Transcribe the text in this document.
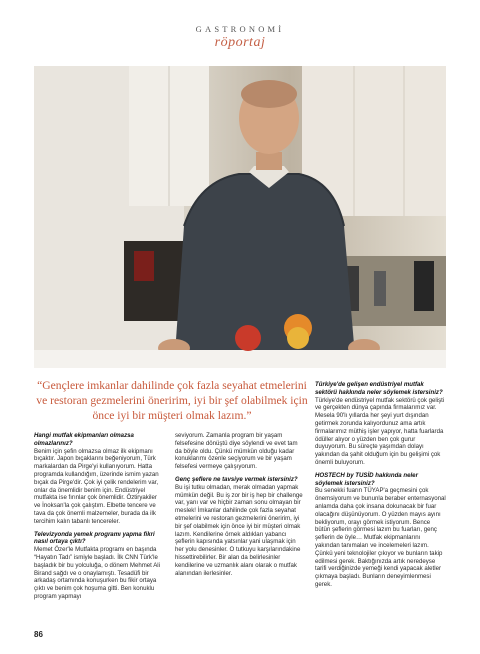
GASTRONOMİ
röportaj
“Gençlere imkanlar dahilinde çok fazla seyahat etmelerini ve restoran gezmelerini öneririm, iyi bir şef olabilmek için önce iyi bir müşteri olmak lazım.”

Hangi mutfak ekipmanları olmazsa olmazlarınız?
Benim için şefin olmazsa olmaz ilk ekipmanı bıçaktır. Japon bıçaklarını beğeniyorum, Türk markalardan da Pirge'yi kullanıyorum. Hatta programda kullandığım, üzerinde ismim yazan bıçak da Pirge'dir. Çok iyi çelik rendelerim var, onlar da önemlidir benim için. Endüstriyel mutfakta ise fırınlar çok önemlidir. Öztiryakiler ve İnoksan'la çok çalıştım. Elbette tencere ve tava da çok önemli malzemeler, burada da ilk tercihim kalın tabanlı tencereler.

Televizyonda yemek programı yapma fikri nasıl ortaya çıktı?
Memet Özer'le Mutfakta programı en başında “Hayatın Tadı” ismiyle başladı. İlk CNN Türk'le başladık bir bu yolculuğa, o dönem Mehmet Ali Birand sağdı ve o onaylamıştı. Tesadüfi bir arkadaş ortamında konuşurken bu fikir ortaya çıktı ve benim çok hoşuma gitti. Ben konuklu program yapmayı

seviyorum. Zamanla program bir yaşam felsefesine dönüştü diye söylendi ve evet tam da böyle oldu. Çünkü mümkün olduğu kadar konuklarımı özenle seçiyorum ve bir yaşam felsefesi vermeye çalışıyorum.

Genç şeflere ne tavsiye vermek istersiniz?
Bu işi tutku olmadan, merak olmadan yapmak mümkün değil. Bu iş zor bir iş hep bir challenge var, yanı var ve hiçbir zaman sonu olmayan bir meslek! İmkanlar dahilinde çok fazla seyahat etmelerini ve restoran gezmelerini öneririm, iyi bir şef olabilmek için önce iyi bir müşteri olmak lazım. Kendilerine örnek aldıkları yabancı şeflerin kapısında yatsınlar yani ulaşmak için her yolu denesinler. O tutkuyu karşılarındakine hissettirebilirler. Bir alan da belirlesinler kendilerine ve uzmanlık alanı olarak o mutfak alanından ilerlesinler.

Türkiye'de gelişen endüstriyel mutfak sektörü hakkında neler söylemek istersiniz?
Türkiye'de endüstriyel mutfak sektörü çok gelişti ve gerçekten dünya çapında firmalarımız var. Mesela 90'lı yıllarda her şeyi yurt dışından getirmek zorunda kalıyordunuz ama artık firmalarımız müthiş işler yapıyor, hatta fuarlarda ödüller alıyor o yüzden ben çok gurur duyuyorum. Bu süreçte yaşımdan dolayı yakından da şahit olduğum için bu gelişimi çok önemli buluyorum.

HOSTECH by TUSİD hakkında neler söylemek istersiniz?
Bu senekki fuarın TÜYAP'a geçmesini çok önemsiyorum ve bununla beraber enternasyonal anlamda daha çok insana dokunacak bir fuar olacağını düşünüyorum. O yüzden mayıs ayını bekliyorum, orayı görmek istiyorum. Bence bütün şeflerin görmesi lazım bu fuarları, genç şeflerin de öyle… Mutfak ekipmanlarını yakından tanımaları ve incelemeleri lazım. Çünkü yeni teknolojiler çıkıyor ve bunların takip edilmesi gerek. Baktığınızda artık neredeyse tarifi verdiğinizde yemeği kendi yapacak aletler çıkmaya başladı. Bunların deneyimlenmesi gerek.

86
